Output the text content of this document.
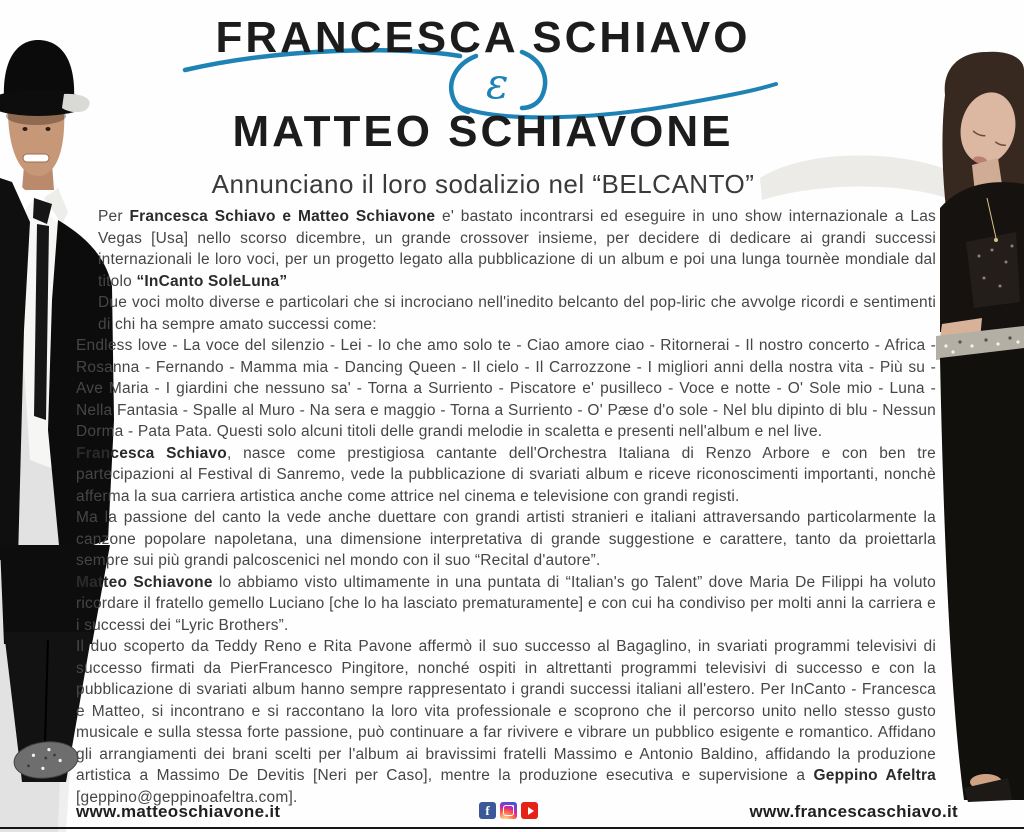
FRANCESCA SCHIAVO
MATTEO SCHIAVONE
Annunciano il loro sodalizio nel “BELCANTO”
ε

Per Francesca Schiavo e Matteo Schiavone e' bastato incontrarsi ed eseguire in uno show internazionale a Las Vegas [Usa] nello scorso dicembre, un grande crossover insieme, per decidere di dedicare ai grandi successi internazionali le loro voci, per un progetto legato alla pubblicazione di un album e poi una lunga tournèe mondiale dal titolo “InCanto SoleLuna”

Due voci molto diverse e particolari che si incrociano nell'inedito belcanto del pop-liric che avvolge ricordi e sentimenti di chi ha sempre amato successi come:

Endless love - La voce del silenzio - Lei - Io che amo solo te - Ciao amore ciao - Ritornerai - Il nostro concerto - Africa - Rosanna - Fernando - Mamma mia - Dancing Queen - Il cielo - Il Carrozzone - I migliori anni della nostra vita - Più su - Ave Maria - I giardini che nessuno sa' - Torna a Surriento - Piscatore e' pusilleco - Voce e notte - O' Sole mio - Luna - Nella Fantasia - Spalle al Muro - Na sera e maggio - Torna a Surriento - O' Pæse d'o sole - Nel blu dipinto di blu - Nessun Dorma - Pata Pata. Questi solo alcuni titoli delle grandi melodie in scaletta e presenti nell'album e nel live.

Francesca Schiavo, nasce come prestigiosa cantante dell'Orchestra Italiana di Renzo Arbore e con ben tre partecipazioni al Festival di Sanremo, vede la pubblicazione di svariati album e riceve riconoscimenti importanti, nonchè afferma la sua carriera artistica anche come attrice nel cinema e televisione con grandi registi.

Ma la passione del canto la vede anche duettare con grandi artisti stranieri e italiani attraversando particolarmente la canzone popolare napoletana, una dimensione interpretativa di grande suggestione e carattere, tanto da proiettarla sempre sui più grandi palcoscenici nel mondo con il suo “Recital d'autore”.

Matteo Schiavone lo abbiamo visto ultimamente in una puntata di “Italian's go Talent” dove Maria De Filippi ha voluto ricordare il fratello gemello Luciano [che lo ha lasciato prematuramente] e con cui ha condiviso per molti anni la carriera e i successi dei “Lyric Brothers”.

Il duo scoperto da Teddy Reno e Rita Pavone affermò il suo successo al Bagaglino, in svariati programmi televisivi di successo firmati da PierFrancesco Pingitore, nonché ospiti in altrettanti programmi televisivi di successo e con la pubblicazione di svariati album hanno sempre rappresentato i grandi successi italiani all'estero. Per InCanto - Francesca e Matteo, si incontrano e si raccontano la loro vita professionale e scoprono che il percorso unito nello stesso gusto musicale e sulla stessa forte passione, può continuare a far rivivere e vibrare un pubblico esigente e romantico. Affidano gli arrangiamenti dei brani scelti per l'album ai bravissimi fratelli Massimo e Antonio Baldino, affidando la produzione artistica a Massimo De Devitis [Neri per Caso], mentre la produzione esecutiva e supervisione a Geppino Afeltra [geppino@geppinoafeltra.com].

www.matteoschiavone.it	f	www.francescaschiavo.it
